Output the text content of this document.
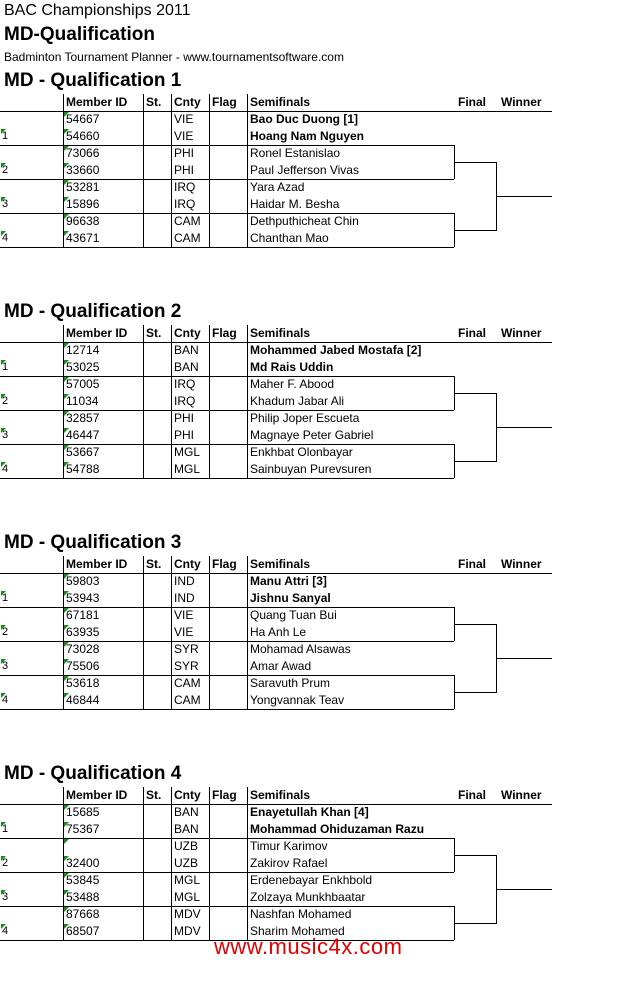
BAC Championships 2011
MD-Qualification
Badminton Tournament Planner - www.tournamentsoftware.com
MD - Qualification 1
Member ID St. Cnty Flag Semifinals	Final Winner
1
54667	VIE	Bao Duc Duong [1]
54660	VIE	Hoang Nam Nguyen
2
73066	PHI	Ronel Estanislao
33660	PHI	Paul Jefferson Vivas
3
53281	IRQ	Yara Azad
15896	IRQ	Haidar M. Besha
4
96638	CAM	Dethputhicheat Chin
43671	CAM	Chanthan Mao
MD - Qualification 2
Member ID St. Cnty Flag Semifinals	Final Winner
1
12714	BAN	Mohammed Jabed Mostafa [2]
53025	BAN	Md Rais Uddin
2
57005	IRQ	Maher F. Abood
11034	IRQ	Khadum Jabar Ali
3
32857	PHI	Philip Joper Escueta
46447	PHI	Magnaye Peter Gabriel
4
53667	MGL	Enkhbat Olonbayar
54788	MGL	Sainbuyan Purevsuren
MD - Qualification 3
Member ID St. Cnty Flag Semifinals	Final Winner
1
59803	IND	Manu Attri [3]
53943	IND	Jishnu Sanyal
2
67181	VIE	Quang Tuan Bui
63935	VIE	Ha Anh Le
3
73028	SYR	Mohamad Alsawas
75506	SYR	Amar Awad
4
53618	CAM	Saravuth Prum
46844	CAM	Yongvannak Teav
MD - Qualification 4
Member ID St. Cnty Flag Semifinals	Final Winner
1
15685	BAN	Enayetullah Khan [4]
75367	BAN	Mohammad Ohiduzaman Razu
2
UZB	Timur Karimov
32400	UZB	Zakirov Rafael
3
53845	MGL	Erdenebayar Enkhbold
53488	MGL	Zolzaya Munkhbaatar
4
87668	MDV	Nashfan Mohamed
68507	MDV	Sharim Mohamed
www.music4x.com
